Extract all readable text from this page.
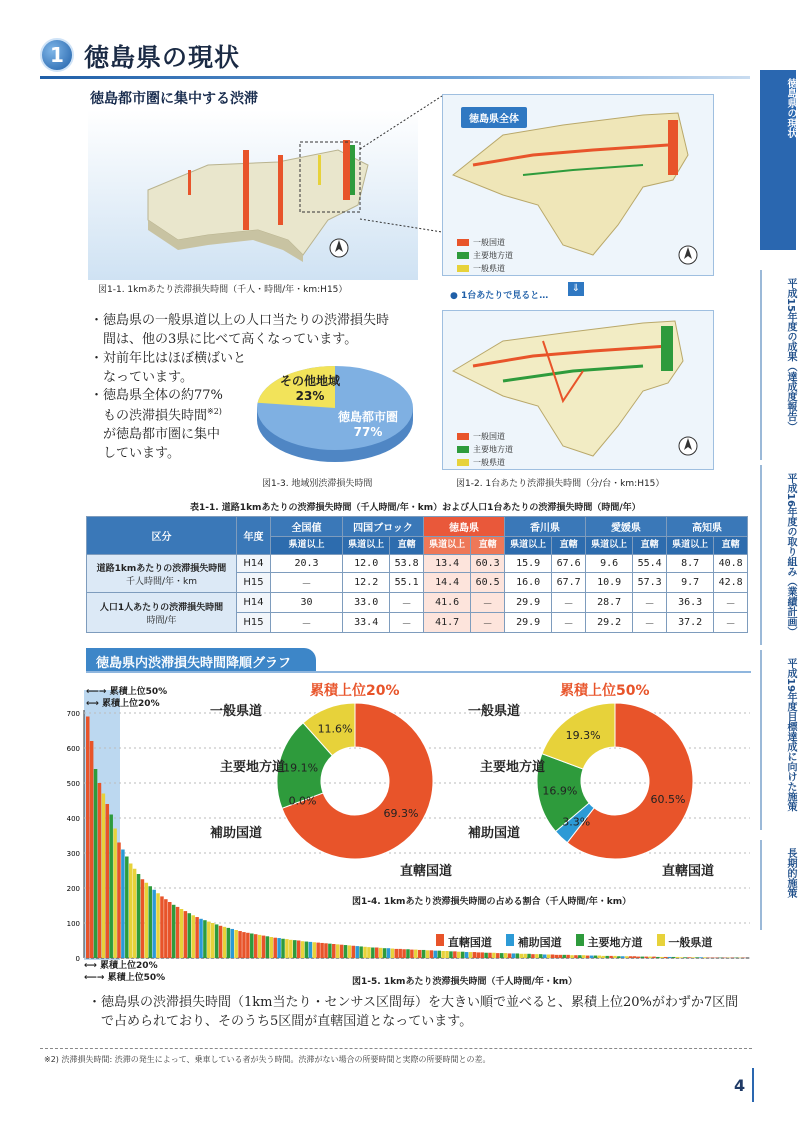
1 徳島県の現状
徳島県の現状
平成15年度の成果（達成度報告）
平成16年度の取り組み（業績計画）
平成19年度目標達成に向けた施策
長期的施策
徳島都市圏に集中する渋滞
図1-1. 1kmあたり渋滞損失時間（千人・時間/年・km:H15）
徳島県全体
一般国道
主要地方道
一般県道
● 1台あたりで見ると…
⇓
一般国道
主要地方道
一般県道
図1-2. 1台あたり渋滞損失時間（分/台・km:H15）
・徳島県の一般県道以上の人口当たりの渋滞損失時
間は、他の3県に比べて高くなっています。
・対前年比はほぼ横ばいと
なっています。
・徳島県全体の約77%
もの渋滞損失時間$^{※2)}$
が徳島都市圏に集中
しています。
その他地域
23%
徳島都市圏
77%
図1-3. 地域別渋滞損失時間
表1-1. 道路1kmあたりの渋滞損失時間（千人時間/年・km）および人口1台あたりの渋滞損失時間（時間/年）
区分	年度	全国値	四国ブロック		徳島県		香川県		愛媛県		高知県	
		県道以上	県道以上	直轄	県道以上	直轄	県道以上	直轄	県道以上	直轄	県道以上	直轄

道路1kmあたりの渋滞損失時間
千人時間/年・km	H14	20.3	12.0	53.8	13.4	60.3	15.9	67.6	9.6	55.4	8.7	40.8
	H15	－	12.2	55.1	14.4	60.5	16.0	67.7	10.9	57.3	9.7	42.8

人口1人あたりの渋滞損失時間
時間/年	H14	30	33.0	－	41.6	－	29.9	－	28.7	－	36.3	－
	H15	－	33.4	－	41.7	－	29.9	－	29.2	－	37.2	－
徳島県内渋滞損失時間降順グラフ
0
100
200
300
400
500
600
700
⟵→ 累積上位50%
⟷ 累積上位20%
⟷ 累積上位20%
⟵→ 累積上位50%
累積上位20%	累積上位50%
69.3%
0.0%
19.1%
11.6%
60.5%
3.3%
16.9%
19.3%
一般県道
主要地方道
補助国道
直轄国道
一般県道
主要地方道
補助国道
直轄国道
図1-4. 1kmあたり渋滞損失時間の占める割合（千人時間/年・km）
直轄国道	補助国道	主要地方道	一般県道
図1-5. 1kmあたり渋滞損失時間（千人時間/年・km）
・徳島県の渋滞損失時間（1km当たり・センサス区間毎）を大きい順で並べると、累積上位20%がわずか7区間
で占められており、そのうち5区間が直轄国道となっています。
※2) 渋滞損失時間: 渋滞の発生によって、乗車している者が失う時間。渋滞がない場合の所要時間と実際の所要時間との差。
4
